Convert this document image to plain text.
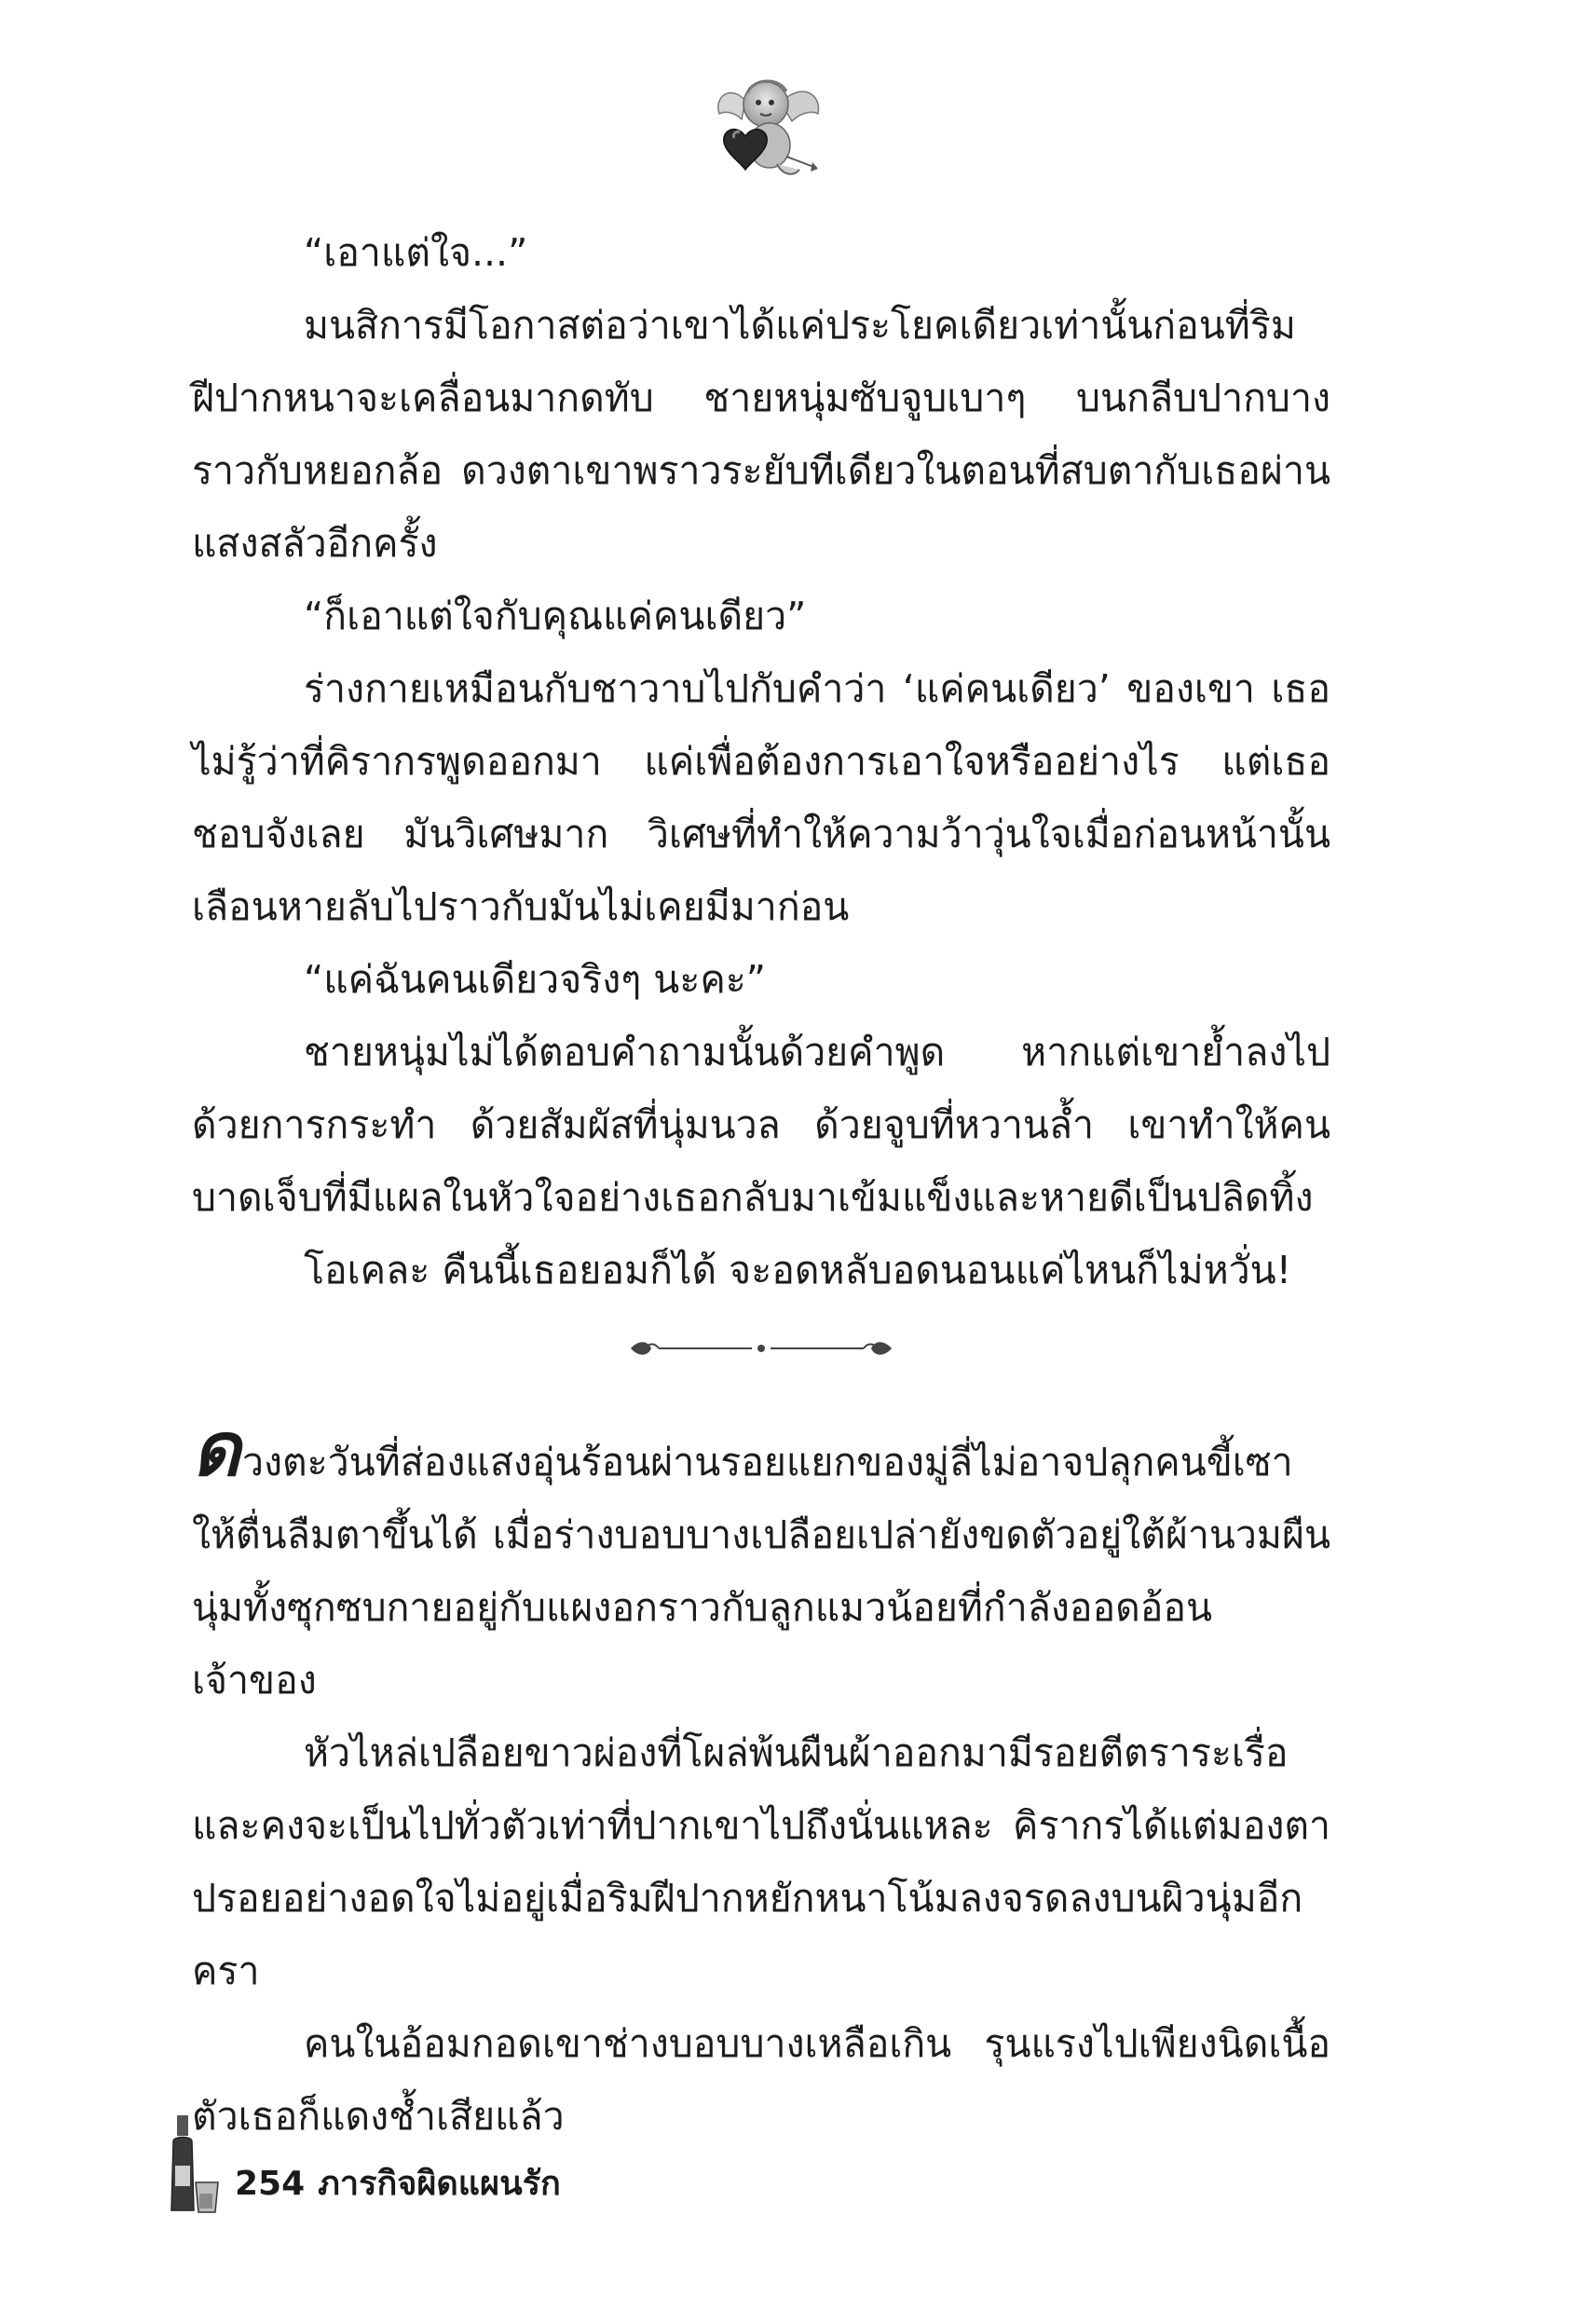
“เอาแต่ใจ...”

มนสิการมีโอกาสต่อว่าเขาได้แค่ประโยคเดียวเท่านั้นก่อนที่ริมฝีปากหนาจะเคลื่อนมากดทับ ชายหนุ่มซับจูบเบาๆ บนกลีบปากบางราวกับหยอกล้อ ดวงตาเขาพราวระยับทีเดียวในตอนที่สบตากับเธอผ่านแสงสลัวอีกครั้ง

“ก็เอาแต่ใจกับคุณแค่คนเดียว”

ร่างกายเหมือนกับชาวาบไปกับคำว่า ‘แค่คนเดียว’ ของเขา เธอไม่รู้ว่าที่คิรากรพูดออกมา แค่เพื่อต้องการเอาใจหรืออย่างไร แต่เธอชอบจังเลย มันวิเศษมาก วิเศษที่ทำให้ความว้าวุ่นใจเมื่อก่อนหน้านั้นเลือนหายลับไปราวกับมันไม่เคยมีมาก่อน

“แค่ฉันคนเดียวจริงๆ นะคะ”

ชายหนุ่มไม่ได้ตอบคำถามนั้นด้วยคำพูด หากแต่เขาย้ำลงไปด้วยการกระทำ ด้วยสัมผัสที่นุ่มนวล ด้วยจูบที่หวานล้ำ เขาทำให้คนบาดเจ็บที่มีแผลในหัวใจอย่างเธอกลับมาเข้มแข็งและหายดีเป็นปลิดทิ้ง

โอเคละ คืนนี้เธอยอมก็ได้ จะอดหลับอดนอนแค่ไหนก็ไม่หวั่น!

ดวงตะวันที่ส่องแสงอุ่นร้อนผ่านรอยแยกของมู่ลี่ไม่อาจปลุกคนขี้เซาให้ตื่นลืมตาขึ้นได้ เมื่อร่างบอบบางเปลือยเปล่ายังขดตัวอยู่ใต้ผ้านวมผืนนุ่มทั้งซุกซบกายอยู่กับแผงอกราวกับลูกแมวน้อยที่กำลังออดอ้อนเจ้าของ

หัวไหล่เปลือยขาวผ่องที่โผล่พ้นผืนผ้าออกมามีรอยตีตราระเรื่อ และคงจะเป็นไปทั่วตัวเท่าที่ปากเขาไปถึงนั่นแหละ คิรากรได้แต่มองตาปรอยอย่างอดใจไม่อยู่เมื่อริมฝีปากหยักหนาโน้มลงจรดลงบนผิวนุ่มอีกครา

คนในอ้อมกอดเขาช่างบอบบางเหลือเกิน รุนแรงไปเพียงนิดเนื้อตัวเธอก็แดงช้ำเสียแล้ว

254 ภารกิจผิดแผนรัก
